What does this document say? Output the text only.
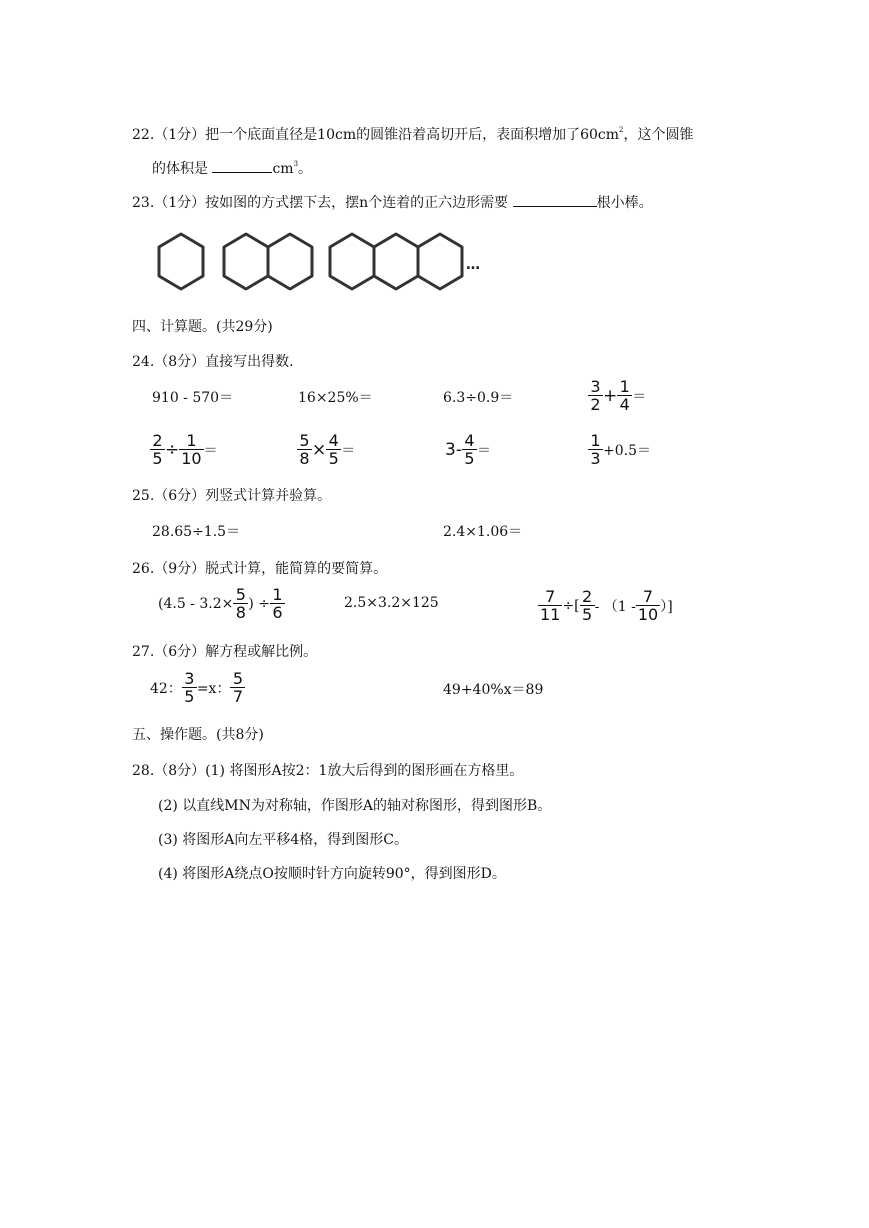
22.（1分）把一个底面直径是10cm的圆锥沿着高切开后，表面积增加了$60cm^2$，这个圆锥
的体积是	$cm^3$。
23.（1分）按如图的方式摆下去，摆n个连着的正六边形需要	根小棒。
…
四、计算题。(共29分)
24.（8分）直接写出得数.
910 - 570＝	16×25%＝	6.3÷0.9＝	$\frac{3}{2} + \frac{1}{4}$ ＝
$\frac{2}{5} \div \frac{1}{10}$ ＝	$\frac{5}{8} \times \frac{4}{5}$ ＝	$3- \frac{4}{5}$ ＝	$\frac{1}{3} +0.5=$
25.（6分）列竖式计算并验算。
28.65÷1.5＝	2.4×1.06＝
26.（9分）脱式计算，能简算的要简算。
($4.5 - 3.2\times \frac{5}{8}$ ) ÷ $\frac{1}{6}$	2.5×3.2×125	$\frac{7}{11}$ ÷[ $\frac{2}{5} - (1 - \frac{7}{10}$ ）]
27.（6分）解方程或解比例。
42： $\frac{3}{5} =x$： $\frac{5}{7}$	49+40%x＝89
五、操作题。(共8分)
28.（8分）(1) 将图形A按2：1放大后得到的图形画在方格里。
(2) 以直线MN为对称轴，作图形A的轴对称图形，得到图形B。
(3) 将图形A向左平移4格，得到图形C。
(4) 将图形A绕点O按顺时针方向旋转90°，得到图形D。
